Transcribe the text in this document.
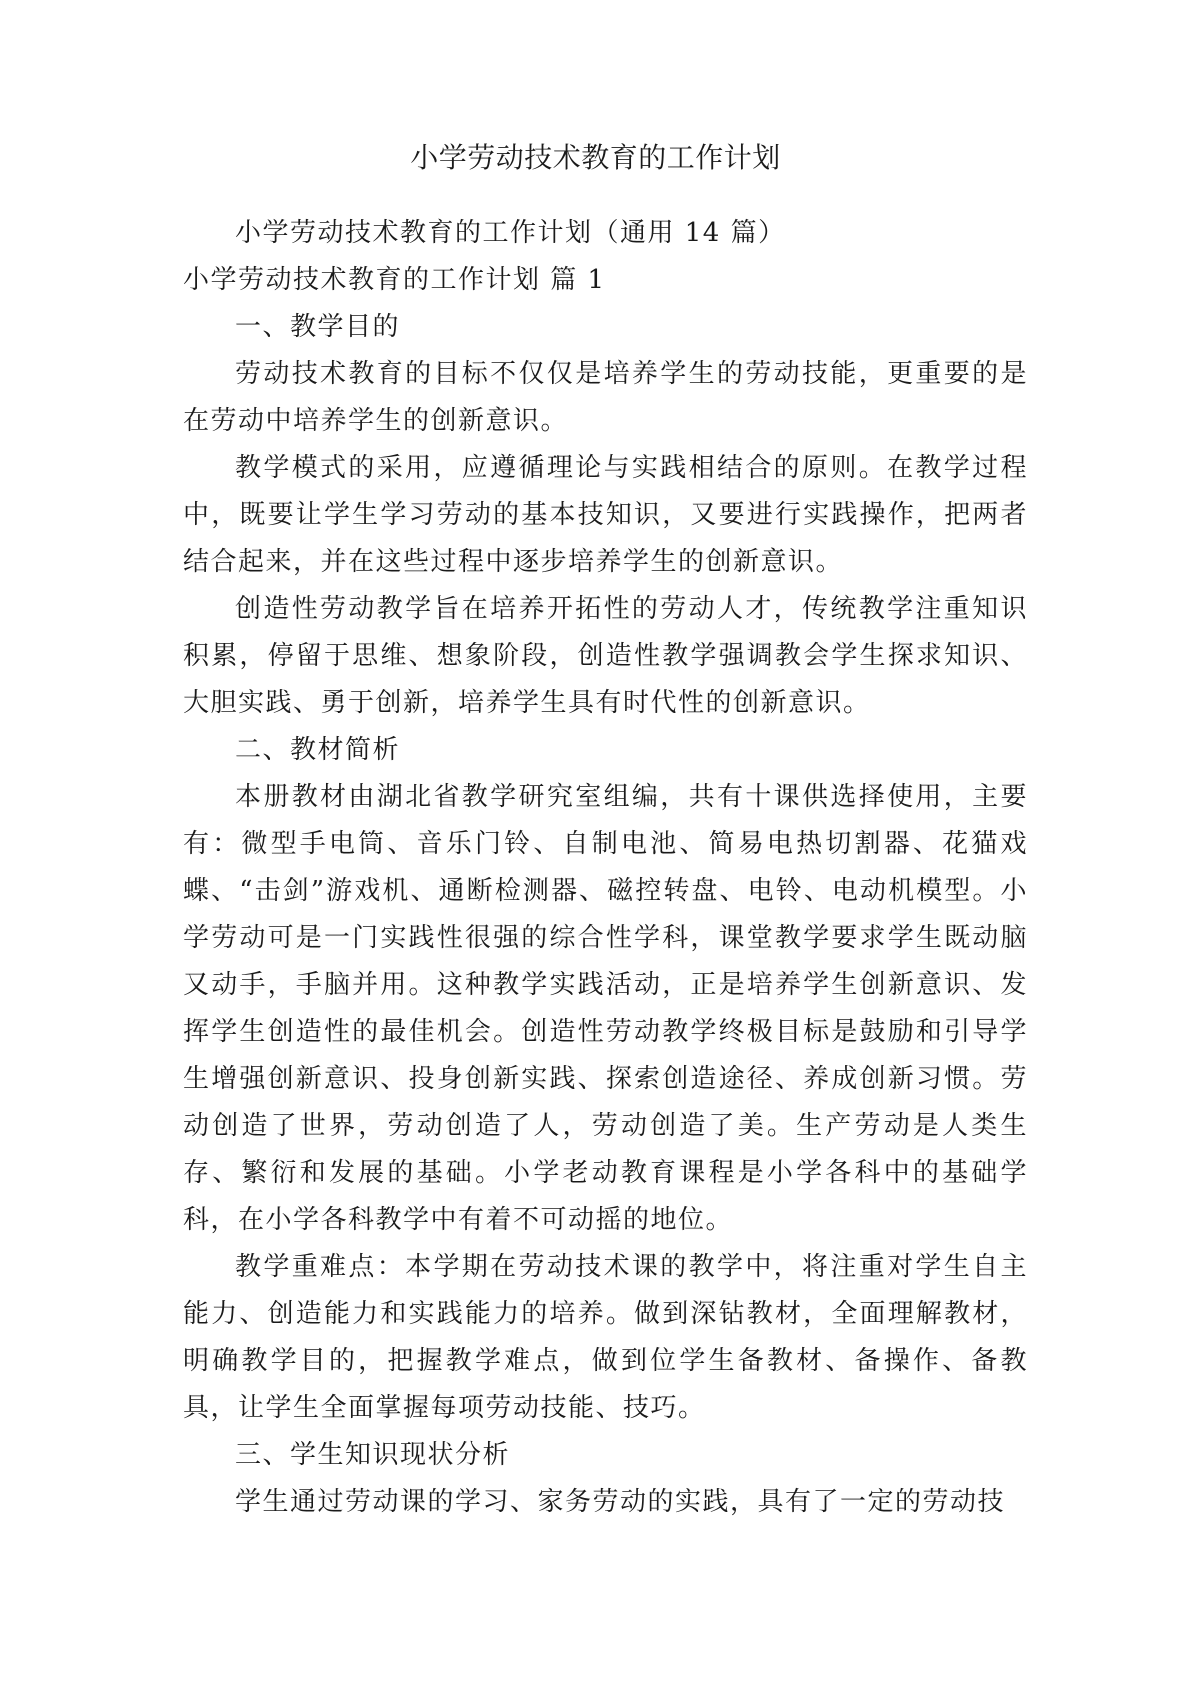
小学劳动技术教育的工作计划

小学劳动技术教育的工作计划（通用 14 篇）

小学劳动技术教育的工作计划 篇 1

一、教学目的

劳动技术教育的目标不仅仅是培养学生的劳动技能，更重要的是在劳动中培养学生的创新意识。

教学模式的采用，应遵循理论与实践相结合的原则。在教学过程中，既要让学生学习劳动的基本技知识，又要进行实践操作，把两者结合起来，并在这些过程中逐步培养学生的创新意识。

创造性劳动教学旨在培养开拓性的劳动人才，传统教学注重知识积累，停留于思维、想象阶段，创造性教学强调教会学生探求知识、大胆实践、勇于创新，培养学生具有时代性的创新意识。

二、教材简析

本册教材由湖北省教学研究室组编，共有十课供选择使用，主要有：微型手电筒、音乐门铃、自制电池、简易电热切割器、花猫戏蝶、“击剑”游戏机、通断检测器、磁控转盘、电铃、电动机模型。小学劳动可是一门实践性很强的综合性学科，课堂教学要求学生既动脑又动手，手脑并用。这种教学实践活动，正是培养学生创新意识、发挥学生创造性的最佳机会。创造性劳动教学终极目标是鼓励和引导学生增强创新意识、投身创新实践、探索创造途径、养成创新习惯。劳动创造了世界，劳动创造了人，劳动创造了美。生产劳动是人类生存、繁衍和发展的基础。小学老动教育课程是小学各科中的基础学科，在小学各科教学中有着不可动摇的地位。

教学重难点：本学期在劳动技术课的教学中，将注重对学生自主能力、创造能力和实践能力的培养。做到深钻教材，全面理解教材，明确教学目的，把握教学难点，做到位学生备教材、备操作、备教具，让学生全面掌握每项劳动技能、技巧。

三、学生知识现状分析

学生通过劳动课的学习、家务劳动的实践，具有了一定的劳动技
